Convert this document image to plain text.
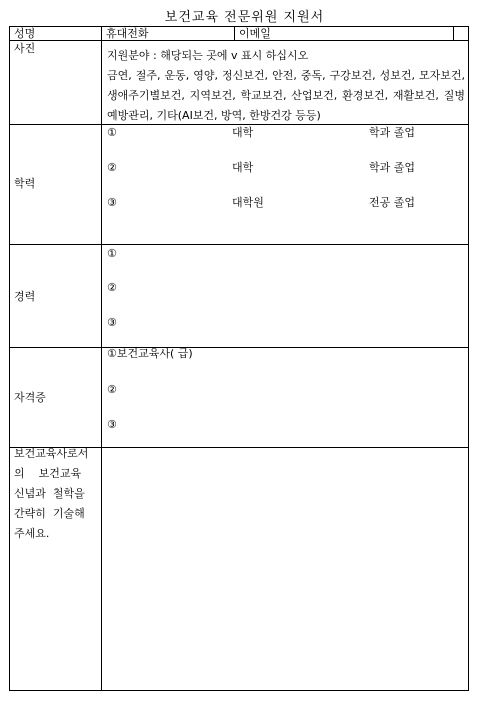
보건교육 전문위원 지원서
성명	휴대전화	이메일
사진
지원분야 : 해당되는 곳에 v 표시 하십시오
금연, 절주, 운동, 영양, 정신보건, 안전, 중독, 구강보건, 성보건, 모자보건, 생애주기별보건, 지역보건, 학교보건, 산업보건, 환경보건, 재활보건, 질병예방관리, 기타(AI보건, 방역, 한방건강 등등)
학력
①	대학	학과 졸업
②	대학	학과 졸업
③	대학원	전공 졸업
경력
①
②
③
자격증
①보건교육사( 급)
②
③
보건교육사로서
의    보건교육
신념과  철학을
간략히  기술해
주세요.
